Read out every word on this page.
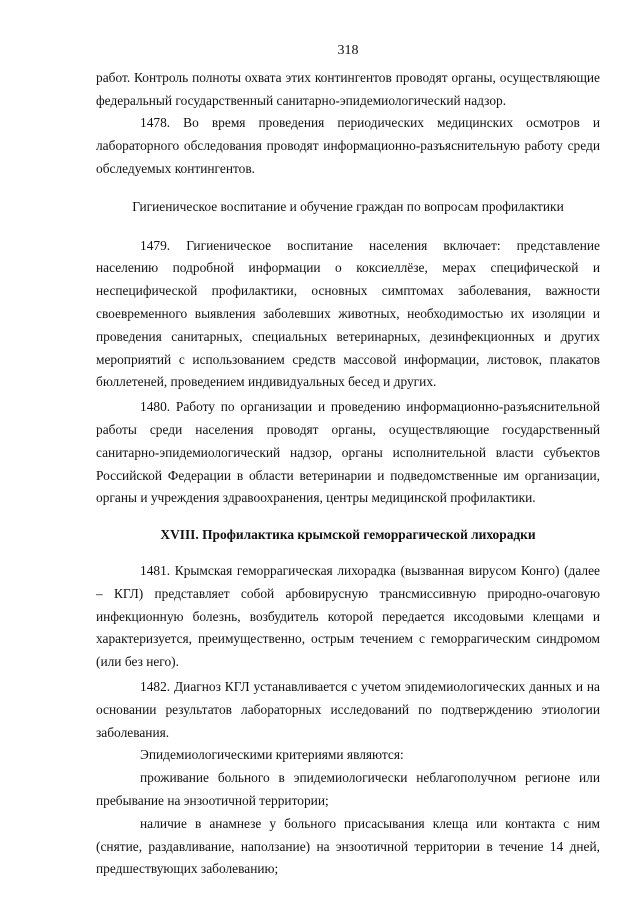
318

работ. Контроль полноты охвата этих контингентов проводят органы, осуществляющие федеральный государственный санитарно-эпидемиологический надзор.

1478. Во время проведения периодических медицинских осмотров и лабораторного обследования проводят информационно-разъяснительную работу среди обследуемых контингентов.

Гигиеническое воспитание и обучение граждан по вопросам профилактики

1479. Гигиеническое воспитание населения включает: представление населению подробной информации о коксиеллёзе, мерах специфической и неспецифической профилактики, основных симптомах заболевания, важности своевременного выявления заболевших животных, необходимостью их изоляции и проведения санитарных, специальных ветеринарных, дезинфекционных и других мероприятий с использованием средств массовой информации, листовок, плакатов бюллетеней, проведением индивидуальных бесед и других.

1480. Работу по организации и проведению информационно-разъяснительной работы среди населения проводят органы, осуществляющие государственный санитарно-эпидемиологический надзор, органы исполнительной власти субъектов Российской Федерации в области ветеринарии и подведомственные им организации, органы и учреждения здравоохранения, центры медицинской профилактики.

XVIII. Профилактика крымской геморрагической лихорадки

1481. Крымская геморрагическая лихорадка (вызванная вирусом Конго) (далее – КГЛ) представляет собой арбовирусную трансмиссивную природно-очаговую инфекционную болезнь, возбудитель которой передается иксодовыми клещами и характеризуется, преимущественно, острым течением с геморрагическим синдромом (или без него).

1482. Диагноз КГЛ устанавливается с учетом эпидемиологических данных и на основании результатов лабораторных исследований по подтверждению этиологии заболевания.

Эпидемиологическими критериями являются:

проживание больного в эпидемиологически неблагополучном регионе или пребывание на энзоотичной территории;

наличие в анамнезе у больного присасывания клеща или контакта с ним (снятие, раздавливание, наползание) на энзоотичной территории в течение 14 дней, предшествующих заболеванию;
